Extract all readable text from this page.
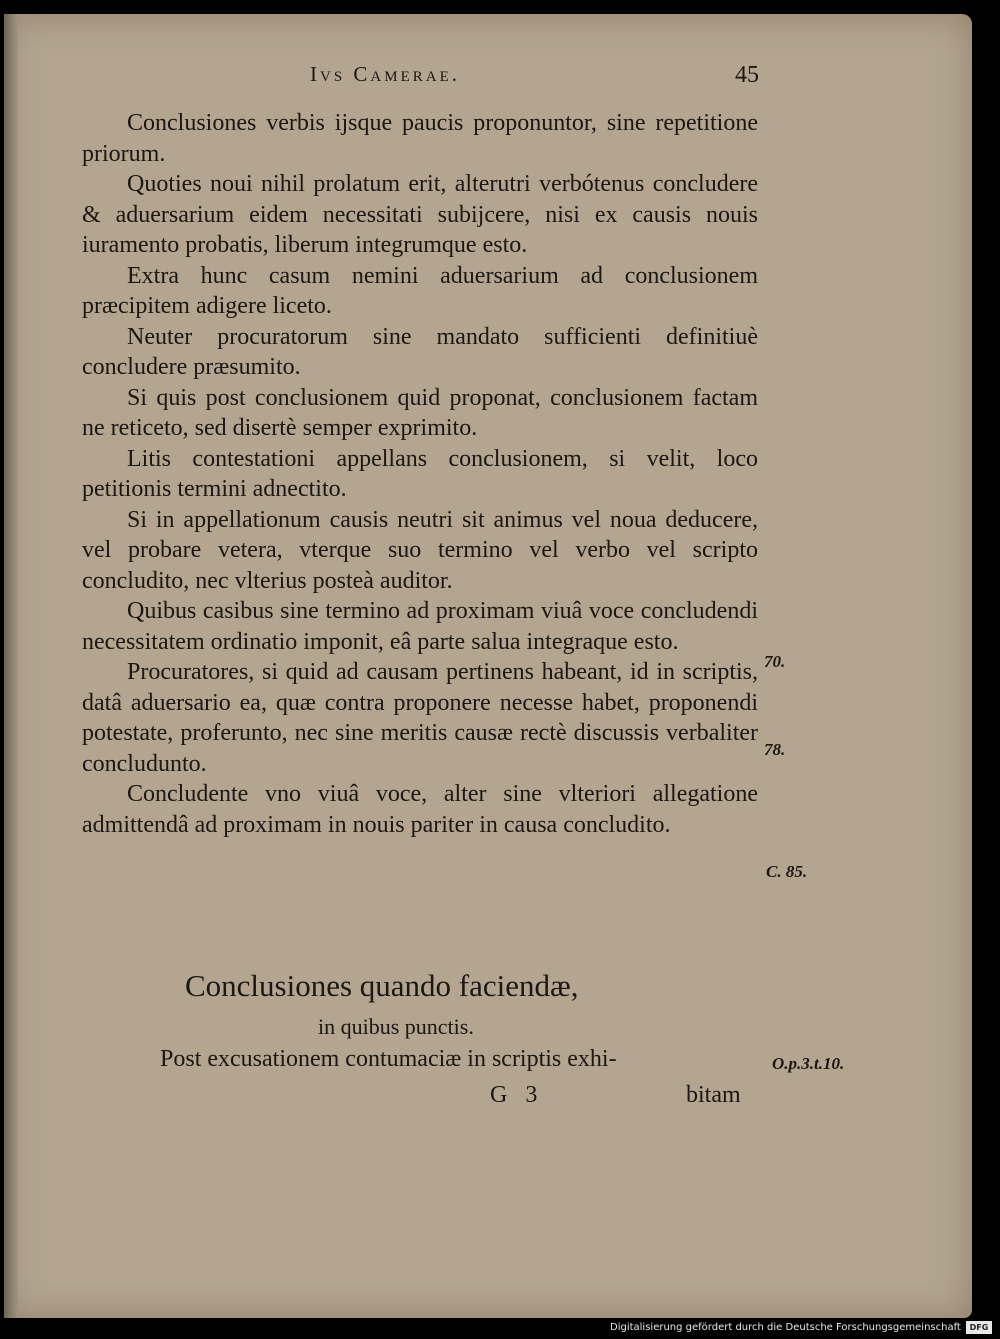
Ivs Camerae.	45

Conclusiones verbis ijsque paucis proponuntor, sine repetitione priorum.

Quoties noui nihil prolatum erit, alterutri verbótenus concludere & aduersarium eidem necessitati subijcere, nisi ex causis nouis iuramento probatis, liberum integrumque esto.

Extra hunc casum nemini aduersarium ad conclusionem præcipitem adigere liceto.

Neuter procuratorum sine mandato sufficienti definitiuè concludere præsumito.

Si quis post conclusionem quid proponat, conclusionem factam ne reticeto, sed disertè semper exprimito.

Litis contestationi appellans conclusionem, si velit, loco petitionis termini adnectito.

Si in appellationum causis neutri sit animus vel noua deducere, vel probare vetera, vterque suo termino vel verbo vel scripto concludito, nec vlterius posteà auditor.

Quibus casibus sine termino ad proximam viuâ voce concludendi necessitatem ordinatio imponit, eâ parte salua integraque esto.

Procuratores, si quid ad causam pertinens habeant, id in scriptis, datâ aduersario ea, quæ contra proponere necesse habet, proponendi potestate, proferunto, nec sine meritis causæ rectè discussis verbaliter concludunto.

Concludente vno viuâ voce, alter sine vlteriori allegatione admittendâ ad proximam in nouis pariter in causa concludito.

Conclusiones quando faciendæ,
in quibus punctis.
Post excusationem contumaciæ in scriptis exhi-
G 3	bitam
70.
78.
C. 85.
O.p.3.t.10.
Digitalisierung gefördert durch die Deutsche Forschungsgemeinschaft	DFG
